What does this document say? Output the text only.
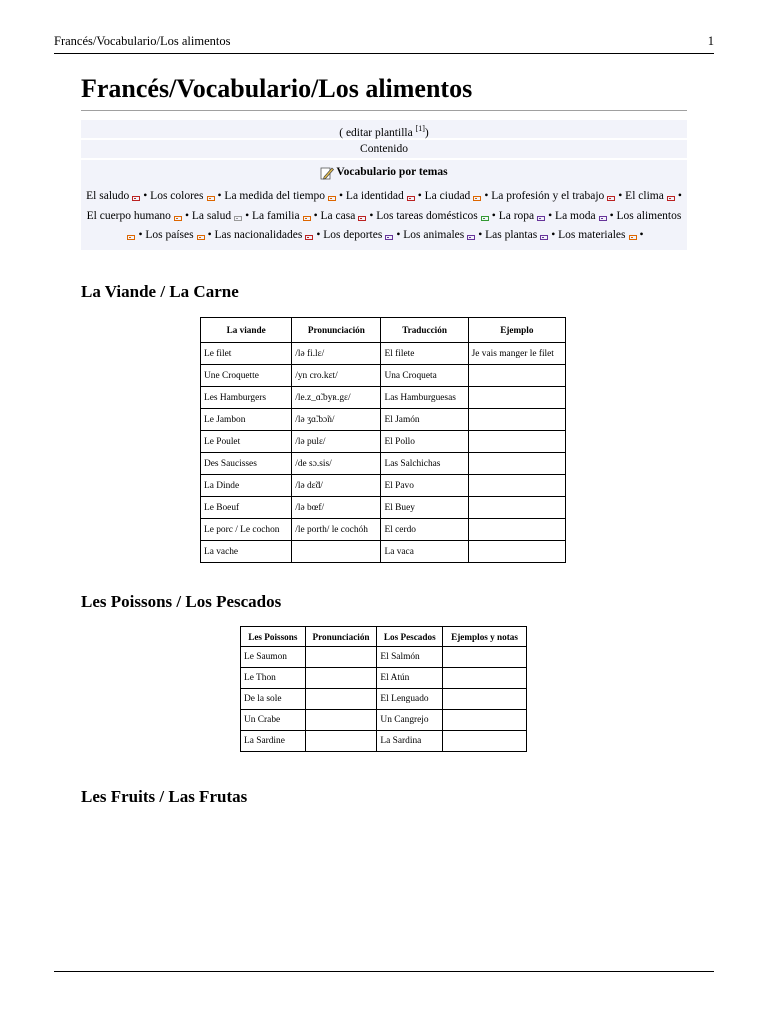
Francés/Vocabulario/Los alimentos	1
Francés/Vocabulario/Los alimentos
( editar plantilla [1])
Contenido
Vocabulario por temas
El saludo • Los colores • La medida del tiempo • La identidad • La ciudad • La profesión y el trabajo • El clima • El cuerpo humano • La salud • La familia • La casa • Los tareas domésticos • La ropa • La moda • Los alimentos• Los países • Las nacionalidades • Los deportes • Los animales • Las plantas • Los materiales •
La Viande / La Carne
La viande	Pronunciación	Traducción	Ejemplo
Le filet	/lə fi.lɛ/	El filete	Je vais manger le filet
Une Croquette	/yn cro.kɛt/	Una Croqueta	
Les Hamburgers	/le.z_ɑ̃.byʀ.gɛ/	Las Hamburguesas	
Le Jambon	/lə ʒɑ̃.bɔ̃n/	El Jamón	
Le Poulet	/lə pulɛ/	El Pollo	
Des Saucisses	/de sɔ.sis/	Las Salchichas	
La Dinde	/lə dɛ̃d/	El Pavo	
Le Boeuf	/lə bœf/	El Buey	
Le porc / Le cochon	/le porth/ le cochóh	El cerdo	
La vache		La vaca	
Les Poissons / Los Pescados
Les Poissons	Pronunciación	Los Pescados	Ejemplos y notas
Le Saumon		El Salmón	
Le Thon		El Atún	
De la sole		El Lenguado	
Un Crabe		Un Cangrejo	
La Sardine		La Sardina	
Les Fruits / Las Frutas
